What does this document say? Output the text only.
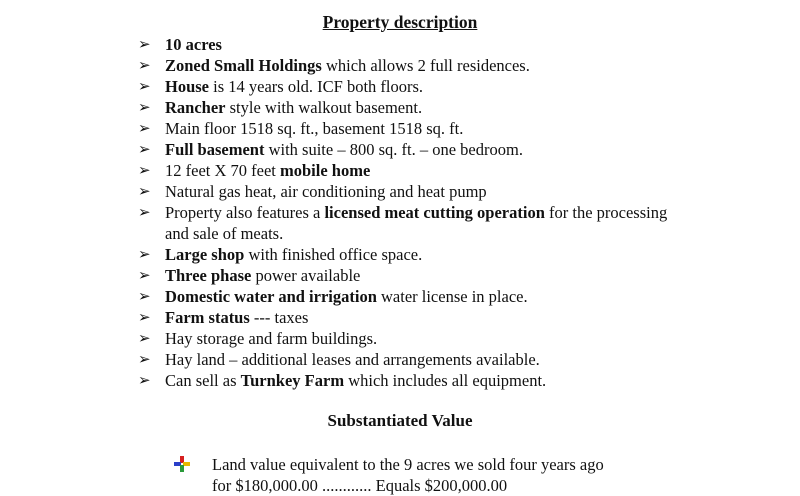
Property description
➢ 10 acres
➢ Zoned Small Holdings which allows 2 full residences.
➢ House is 14 years old. ICF both floors.
➢ Rancher style with walkout basement.
➢ Main floor 1518 sq. ft., basement 1518 sq. ft.
➢ Full basement with suite – 800 sq. ft. – one bedroom.
➢ 12 feet X 70 feet mobile home
➢ Natural gas heat, air conditioning and heat pump
➢ Property also features a licensed meat cutting operation for the processing and sale of meats.
➢ Large shop with finished office space.
➢ Three phase power available
➢ Domestic water and irrigation water license in place.
➢ Farm status --- taxes
➢ Hay storage and farm buildings.
➢ Hay land – additional leases and arrangements available.
➢ Can sell as Turnkey Farm which includes all equipment.
Substantiated Value
Land value equivalent to the 9 acres we sold four years ago
for $180,000.00 ............ Equals $200,000.00
